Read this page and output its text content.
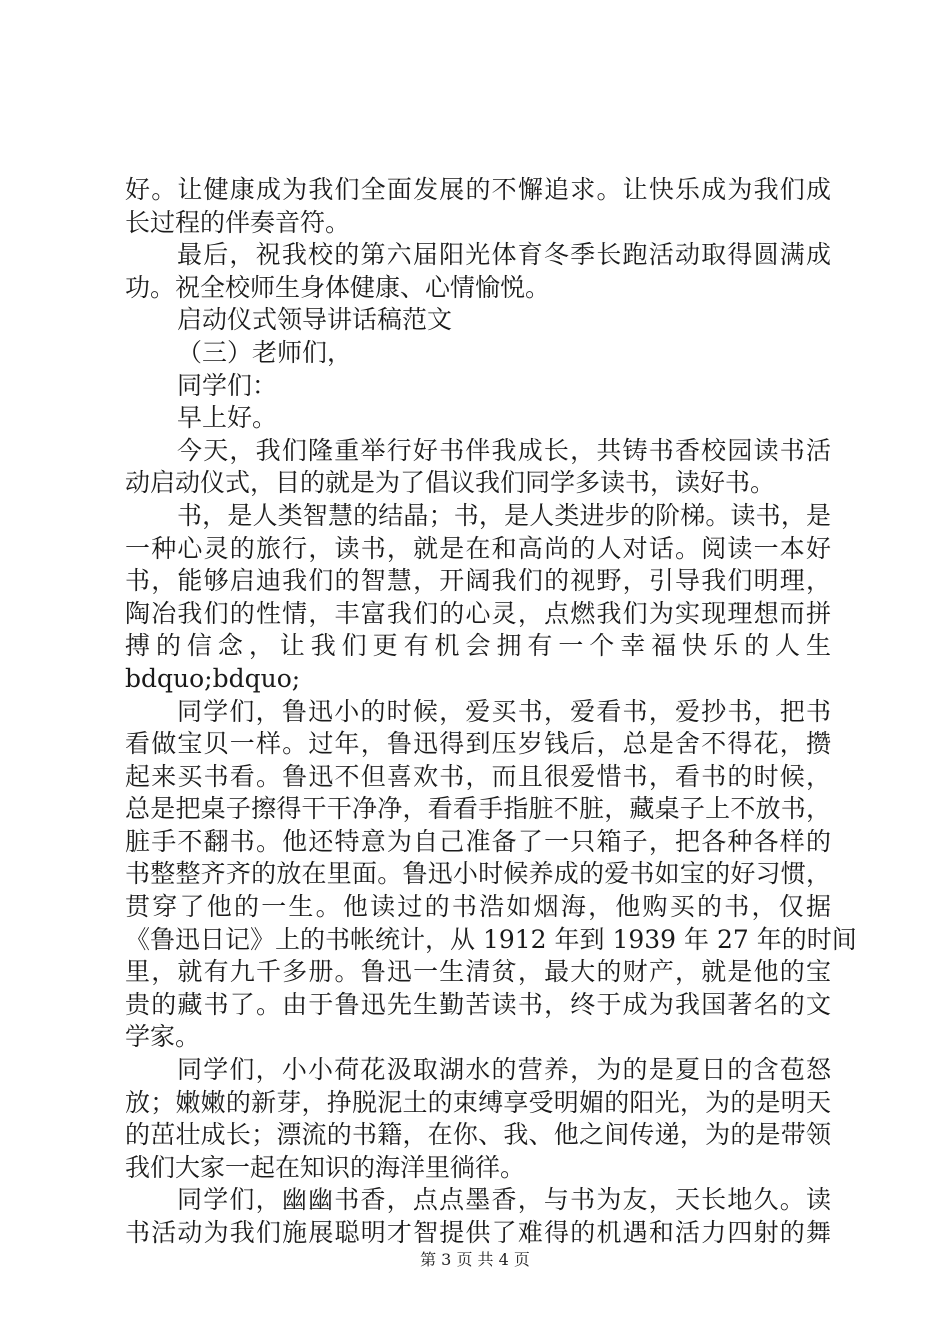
好。让健康成为我们全面发展的不懈追求。让快乐成为我们成
长过程的伴奏音符。
最后，祝我校的第六届阳光体育冬季长跑活动取得圆满成
功。祝全校师生身体健康、心情愉悦。
启动仪式领导讲话稿范文
（三）老师们，
同学们：
早上好。
今天，我们隆重举行好书伴我成长，共铸书香校园读书活
动启动仪式，目的就是为了倡议我们同学多读书，读好书。
书，是人类智慧的结晶；书，是人类进步的阶梯。读书，是
一种心灵的旅行，读书，就是在和高尚的人对话。阅读一本好
书，能够启迪我们的智慧，开阔我们的视野，引导我们明理，
陶冶我们的性情，丰富我们的心灵，点燃我们为实现理想而拼
搏的信念，让我们更有机会拥有一个幸福快乐的人生
bdquo;bdquo;
同学们，鲁迅小的时候，爱买书，爱看书，爱抄书，把书
看做宝贝一样。过年，鲁迅得到压岁钱后，总是舍不得花，攒
起来买书看。鲁迅不但喜欢书，而且很爱惜书，看书的时候，
总是把桌子擦得干干净净，看看手指脏不脏，藏桌子上不放书，
脏手不翻书。他还特意为自己准备了一只箱子，把各种各样的
书整整齐齐的放在里面。鲁迅小时候养成的爱书如宝的好习惯，
贯穿了他的一生。他读过的书浩如烟海，他购买的书，仅据
《鲁迅日记》上的书帐统计，从 1912 年到 1939 年 27 年的时间
里，就有九千多册。鲁迅一生清贫，最大的财产，就是他的宝
贵的藏书了。由于鲁迅先生勤苦读书，终于成为我国著名的文
学家。
同学们，小小荷花汲取湖水的营养，为的是夏日的含苞怒
放；嫩嫩的新芽，挣脱泥土的束缚享受明媚的阳光，为的是明天
的茁壮成长；漂流的书籍，在你、我、他之间传递，为的是带领
我们大家一起在知识的海洋里徜徉。
同学们，幽幽书香，点点墨香，与书为友，天长地久。读
书活动为我们施展聪明才智提供了难得的机遇和活力四射的舞
第 3 页 共 4 页
